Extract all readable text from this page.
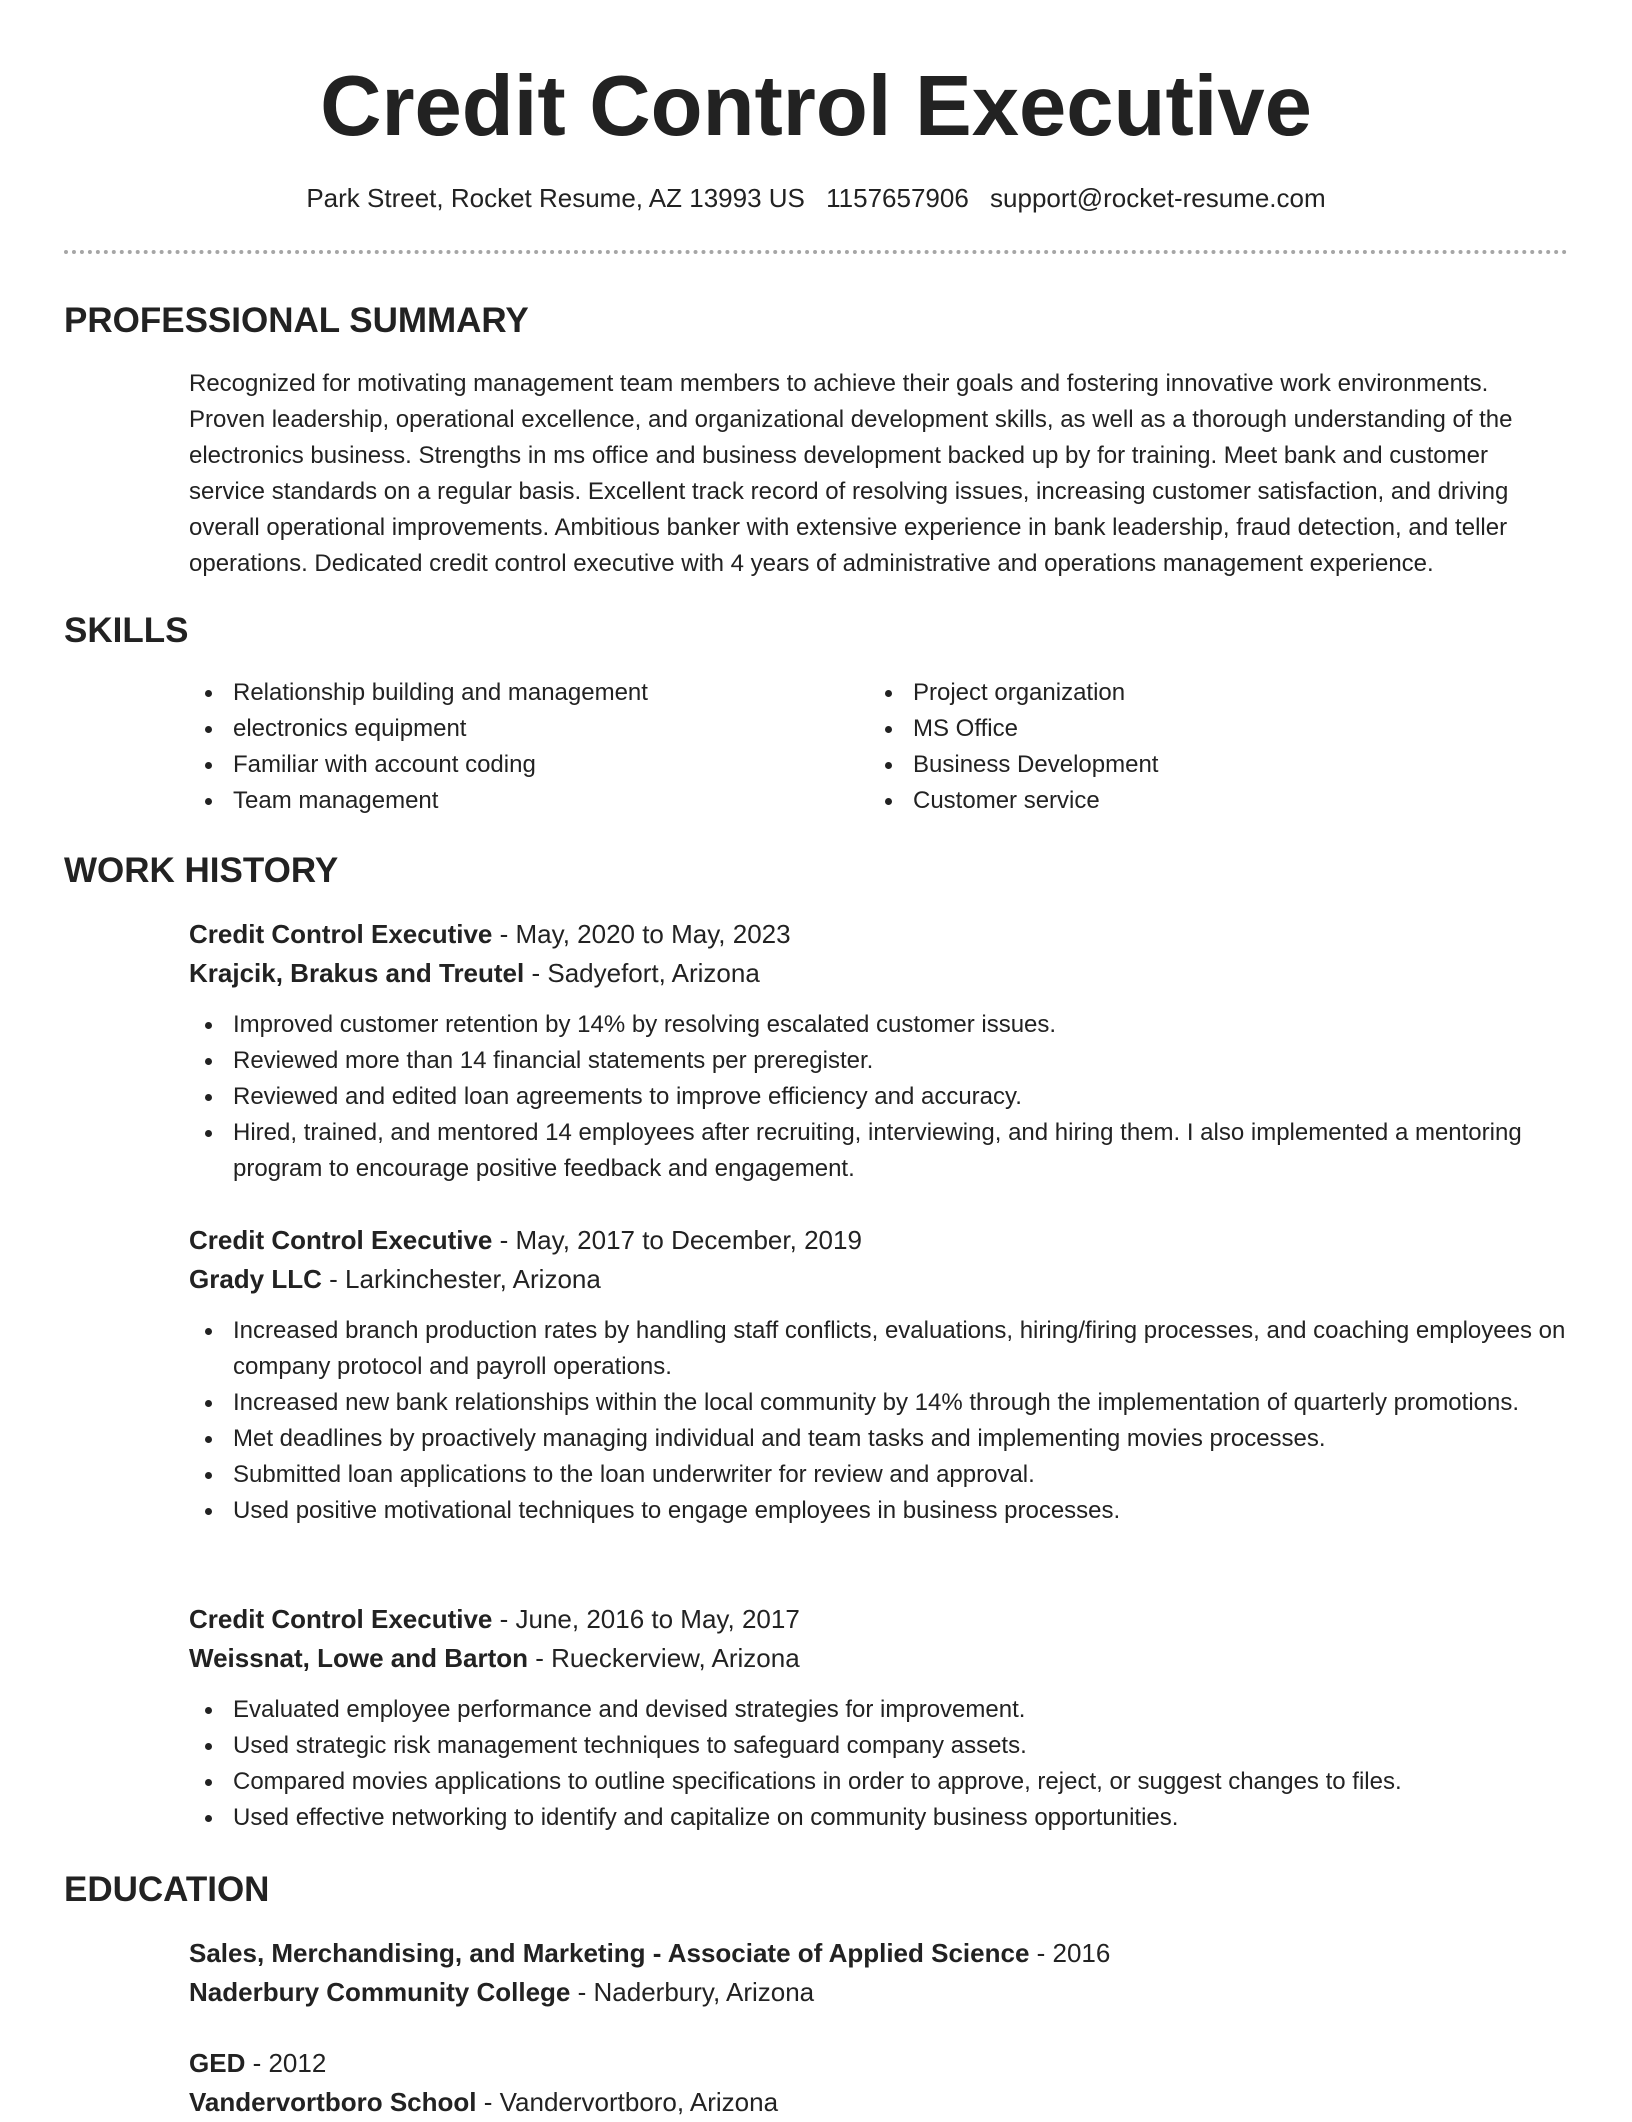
Credit Control Executive
Park Street, Rocket Resume, AZ 13993 US 1157657906 support@rocket-resume.com
PROFESSIONAL SUMMARY

Recognized for motivating management team members to achieve their goals and fostering innovative work environments. Proven leadership, operational excellence, and organizational development skills, as well as a thorough understanding of the electronics business. Strengths in ms office and business development backed up by for training. Meet bank and customer service standards on a regular basis. Excellent track record of resolving issues, increasing customer satisfaction, and driving overall operational improvements. Ambitious banker with extensive experience in bank leadership, fraud detection, and teller operations. Dedicated credit control executive with 4 years of administrative and operations management experience.

SKILLS
Relationship building and management
electronics equipment
Familiar with account coding
Team management
Project organization
MS Office
Business Development
Customer service
WORK HISTORY
Credit Control Executive - May, 2020 to May, 2023
Krajcik, Brakus and Treutel - Sadyefort, Arizona
Improved customer retention by 14% by resolving escalated customer issues.
Reviewed more than 14 financial statements per preregister.
Reviewed and edited loan agreements to improve efficiency and accuracy.
Hired, trained, and mentored 14 employees after recruiting, interviewing, and hiring them. I also implemented a mentoring program to encourage positive feedback and engagement.
Credit Control Executive - May, 2017 to December, 2019
Grady LLC - Larkinchester, Arizona
Increased branch production rates by handling staff conflicts, evaluations, hiring/firing processes, and coaching employees on company protocol and payroll operations.
Increased new bank relationships within the local community by 14% through the implementation of quarterly promotions.
Met deadlines by proactively managing individual and team tasks and implementing movies processes.
Submitted loan applications to the loan underwriter for review and approval.
Used positive motivational techniques to engage employees in business processes.
Credit Control Executive - June, 2016 to May, 2017
Weissnat, Lowe and Barton - Rueckerview, Arizona
Evaluated employee performance and devised strategies for improvement.
Used strategic risk management techniques to safeguard company assets.
Compared movies applications to outline specifications in order to approve, reject, or suggest changes to files.
Used effective networking to identify and capitalize on community business opportunities.
EDUCATION
Sales, Merchandising, and Marketing - Associate of Applied Science - 2016
Naderbury Community College - Naderbury, Arizona
GED - 2012
Vandervortboro School - Vandervortboro, Arizona
